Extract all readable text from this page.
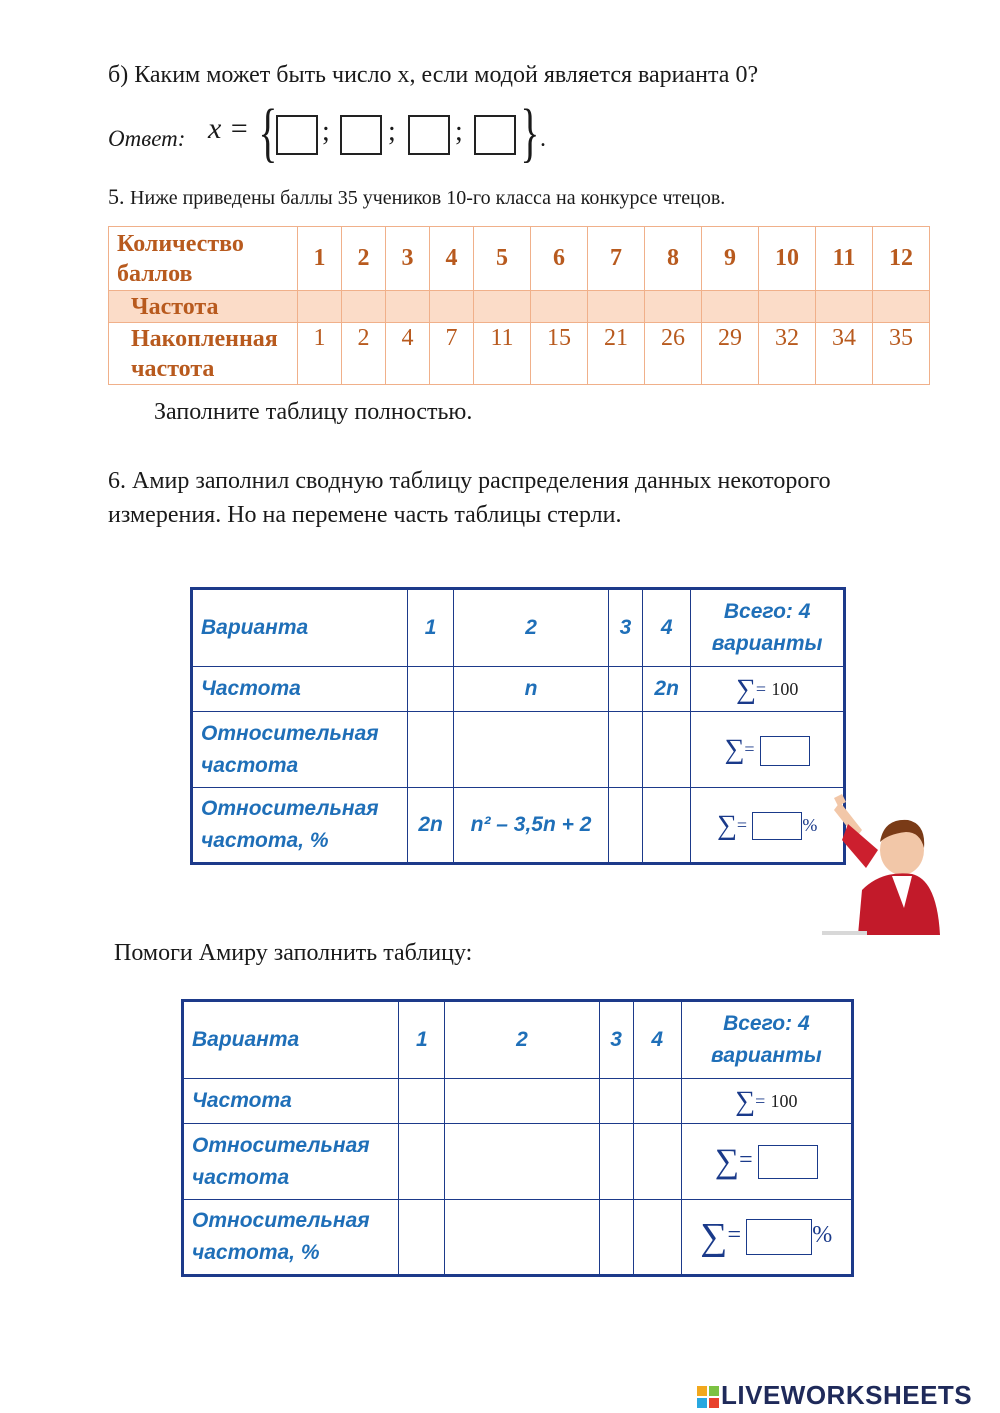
б) Каким может быть число x, если модой является варианта 0?
Ответ: x = { ; ; ; } .
5. Ниже приведены баллы 35 учеников 10-го класса на конкурсе чтецов.
Количество баллов	1	2	3	4	5	6	7	8	9	10	11	12
Частота												

Накопленная частота	1	2	4	7	11	15	21	26	29	32	34	35
Заполните таблицу полностью.
6. Амир заполнил сводную таблицу распределения данных некоторого
измерения. Но на перемене часть таблицы стерли.
Варианта	1	2	3	4	Всего: 4 варианты
Частота		n		2n	∑= 100
Относительная частота					∑=
Относительная частота, %	2n	n² – 3,5n + 2			∑= %
Помоги Амиру заполнить таблицу:
Варианта	1	2	3	4	Всего: 4 варианты
Частота					∑= 100
Относительная частота					∑=
Относительная частота, %					∑= %
LIVEWORKSHEETS
